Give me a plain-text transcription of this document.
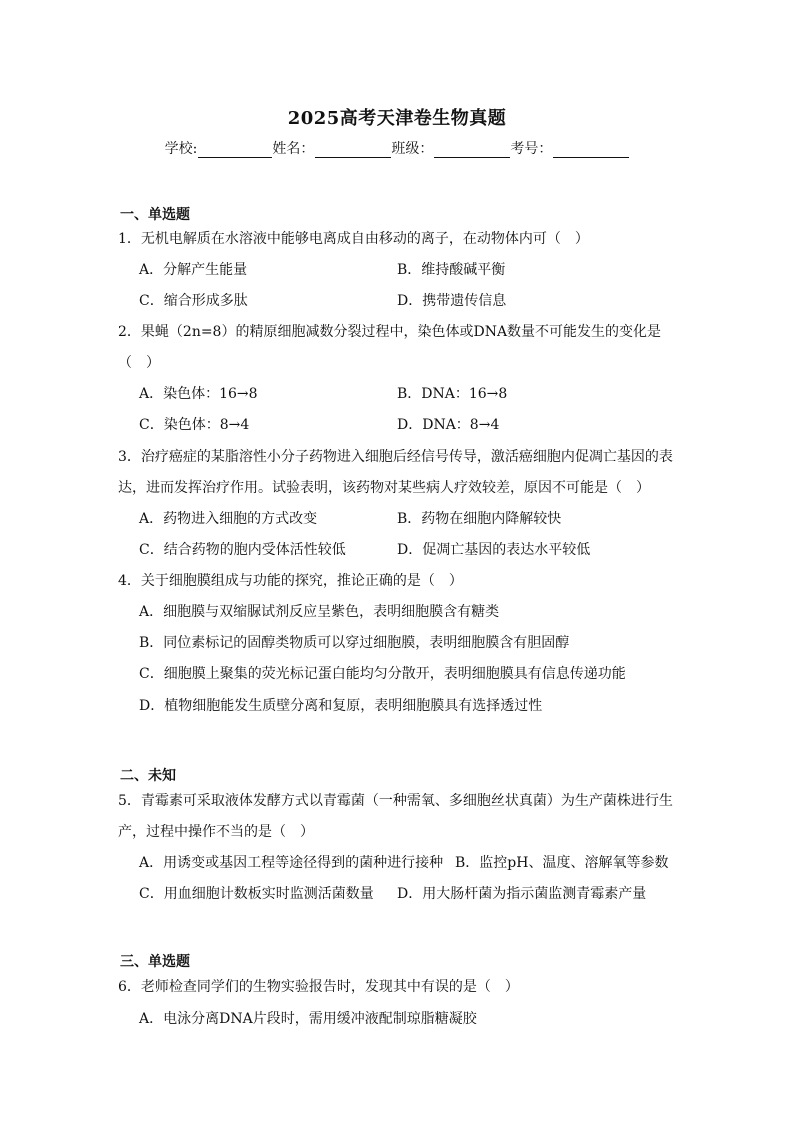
2025高考天津卷生物真题
学校:	姓名：	班级：	考号：
一、单选题
1．无机电解质在水溶液中能够电离成自由移动的离子，在动物体内可（　）
A．分解产生能量	B．维持酸碱平衡
C．缩合形成多肽	D．携带遗传信息
2．果蝇（2n=8）的精原细胞减数分裂过程中，染色体或DNA数量不可能发生的变化是
（　）
A．染色体：16→8	B．DNA：16→8
C．染色体：8→4	D．DNA：8→4
3．治疗癌症的某脂溶性小分子药物进入细胞后经信号传导，激活癌细胞内促凋亡基因的表
达，进而发挥治疗作用。试验表明，该药物对某些病人疗效较差，原因不可能是（　）
A．药物进入细胞的方式改变	B．药物在细胞内降解较快
C．结合药物的胞内受体活性较低	D．促凋亡基因的表达水平较低
4．关于细胞膜组成与功能的探究，推论正确的是（　）
A．细胞膜与双缩脲试剂反应呈紫色，表明细胞膜含有糖类
B．同位素标记的固醇类物质可以穿过细胞膜，表明细胞膜含有胆固醇
C．细胞膜上聚集的荧光标记蛋白能均匀分散开，表明细胞膜具有信息传递功能
D．植物细胞能发生质壁分离和复原，表明细胞膜具有选择透过性
二、未知
5．青霉素可采取液体发酵方式以青霉菌（一种需氧、多细胞丝状真菌）为生产菌株进行生
产，过程中操作不当的是（　）
A．用诱变或基因工程等途径得到的菌种进行接种 B．监控pH、温度、溶解氧等参数
C．用血细胞计数板实时监测活菌数量 D．用大肠杆菌为指示菌监测青霉素产量
三、单选题
6．老师检查同学们的生物实验报告时，发现其中有误的是（　）
A．电泳分离DNA片段时，需用缓冲液配制琼脂糖凝胶
